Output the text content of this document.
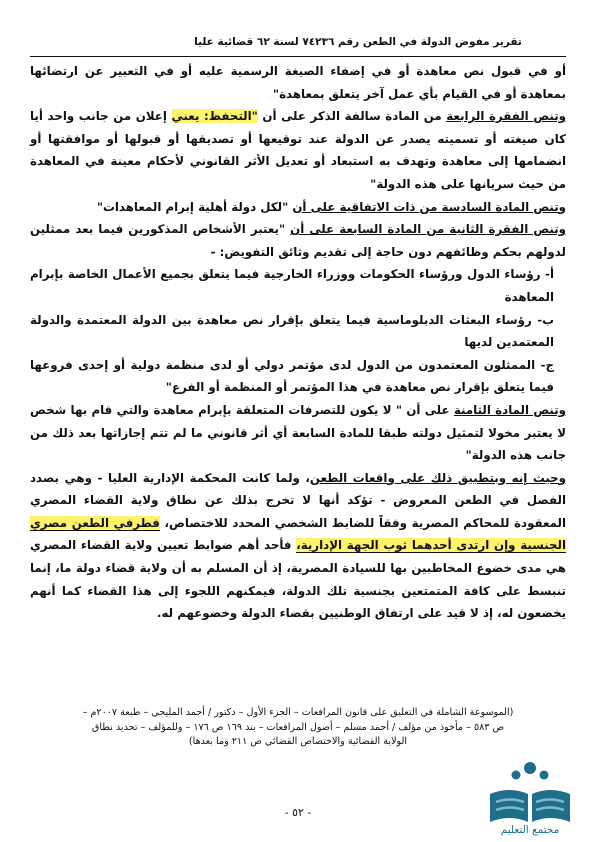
تقرير مفوض الدولة في الطعن رقم ٧٤٢٣٦ لسنة ٦٢ قضائية عليا

أو في قبول نص معاهدة أو في إضفاء الصيغة الرسمية عليه أو في التعبير عن ارتضائها بمعاهدة أو في القيام بأي عمل آخر يتعلق بمعاهدة"

وتنص الفقرة الرابعة من المادة سالفة الذكر على أن "التحفظ: يعني إعلان من جانب واحد أيا كان صيغته أو تسميته يصدر عن الدولة عند توقيعها أو تصديقها أو قبولها أو موافقتها أو انضمامها إلى معاهدة وتهدف به استبعاد أو تعديل الأثر القانوني لأحكام معينة في المعاهدة من حيث سريانها على هذه الدولة"

وتنص المادة السادسة من ذات الاتفاقية على أن "لكل دولة أهلية إبرام المعاهدات"

وتنص الفقرة الثانية من المادة السابعة على أن "يعتبر الأشخاص المذكورين فيما بعد ممثلين لدولهم بحكم وظائفهم دون حاجة إلى تقديم وثائق التفويض: -

أ- رؤساء الدول ورؤساء الحكومات ووزراء الخارجية فيما يتعلق بجميع الأعمال الخاصة بإبرام المعاهدة

ب- رؤساء البعثات الدبلوماسية فيما يتعلق بإقرار نص معاهدة بين الدولة المعتمدة والدولة المعتمدين لديها

ج- الممثلون المعتمدون من الدول لدى مؤتمر دولي أو لدى منظمة دولية أو إحدى فروعها فيما يتعلق بإقرار نص معاهدة في هذا المؤتمر أو المنظمة أو الفرع"

وتنص المادة الثامنة على أن " لا يكون للتصرفات المتعلقة بإبرام معاهدة والتي قام بها شخص لا يعتبر مخولا لتمثيل دولته طبقا للمادة السابعة أي أثر قانوني ما لم تتم إجازاتها بعد ذلك من جانب هذه الدولة"

وحيث إنه وبتطبيق ذلك على واقعات الطعن، ولما كانت المحكمة الإدارية العليا - وهي بصدد الفصل في الطعن المعروض - تؤكد أنها لا تخرج بذلك عن نطاق ولاية القضاء المصري المعقودة للمحاكم المصرية وفقاً للضابط الشخصي المحدد للاختصاص، فطرفي الطعن مصري الجنسية وإن ارتدى أحدهما ثوب الجهة الإدارية، فأحد أهم ضوابط تعيين ولاية القضاء المصري هي مدى خضوع المخاطبين بها للسيادة المصرية، إذ أن المسلم به أن ولاية قضاء دولة ما، إنما تنبسط على كافة المتمتعين بجنسية تلك الدولة، فيمكنهم اللجوء إلى هذا القضاء كما أنهم يخضعون له، إذ لا قيد على ارتفاق الوطنيين بقضاء الدولة وخضوعهم له.

(الموسوعة الشاملة في التعليق على قانون المرافعات – الجزء الأول – دكتور / أحمد المليجي – طبعة ٢٠٠٧م –
ص ٥٨٣ – مأخوذ من مؤلف / أحمد مسلم – أصول المرافعات – بند ١٦٩ ص ١٧٦ – وللمؤلف – تحديد نطاق
الولاية القضائية والاختصاص القضائي ص ٢١١ وما بعدها)
- ٥٢ -
مجتمع التعليم
